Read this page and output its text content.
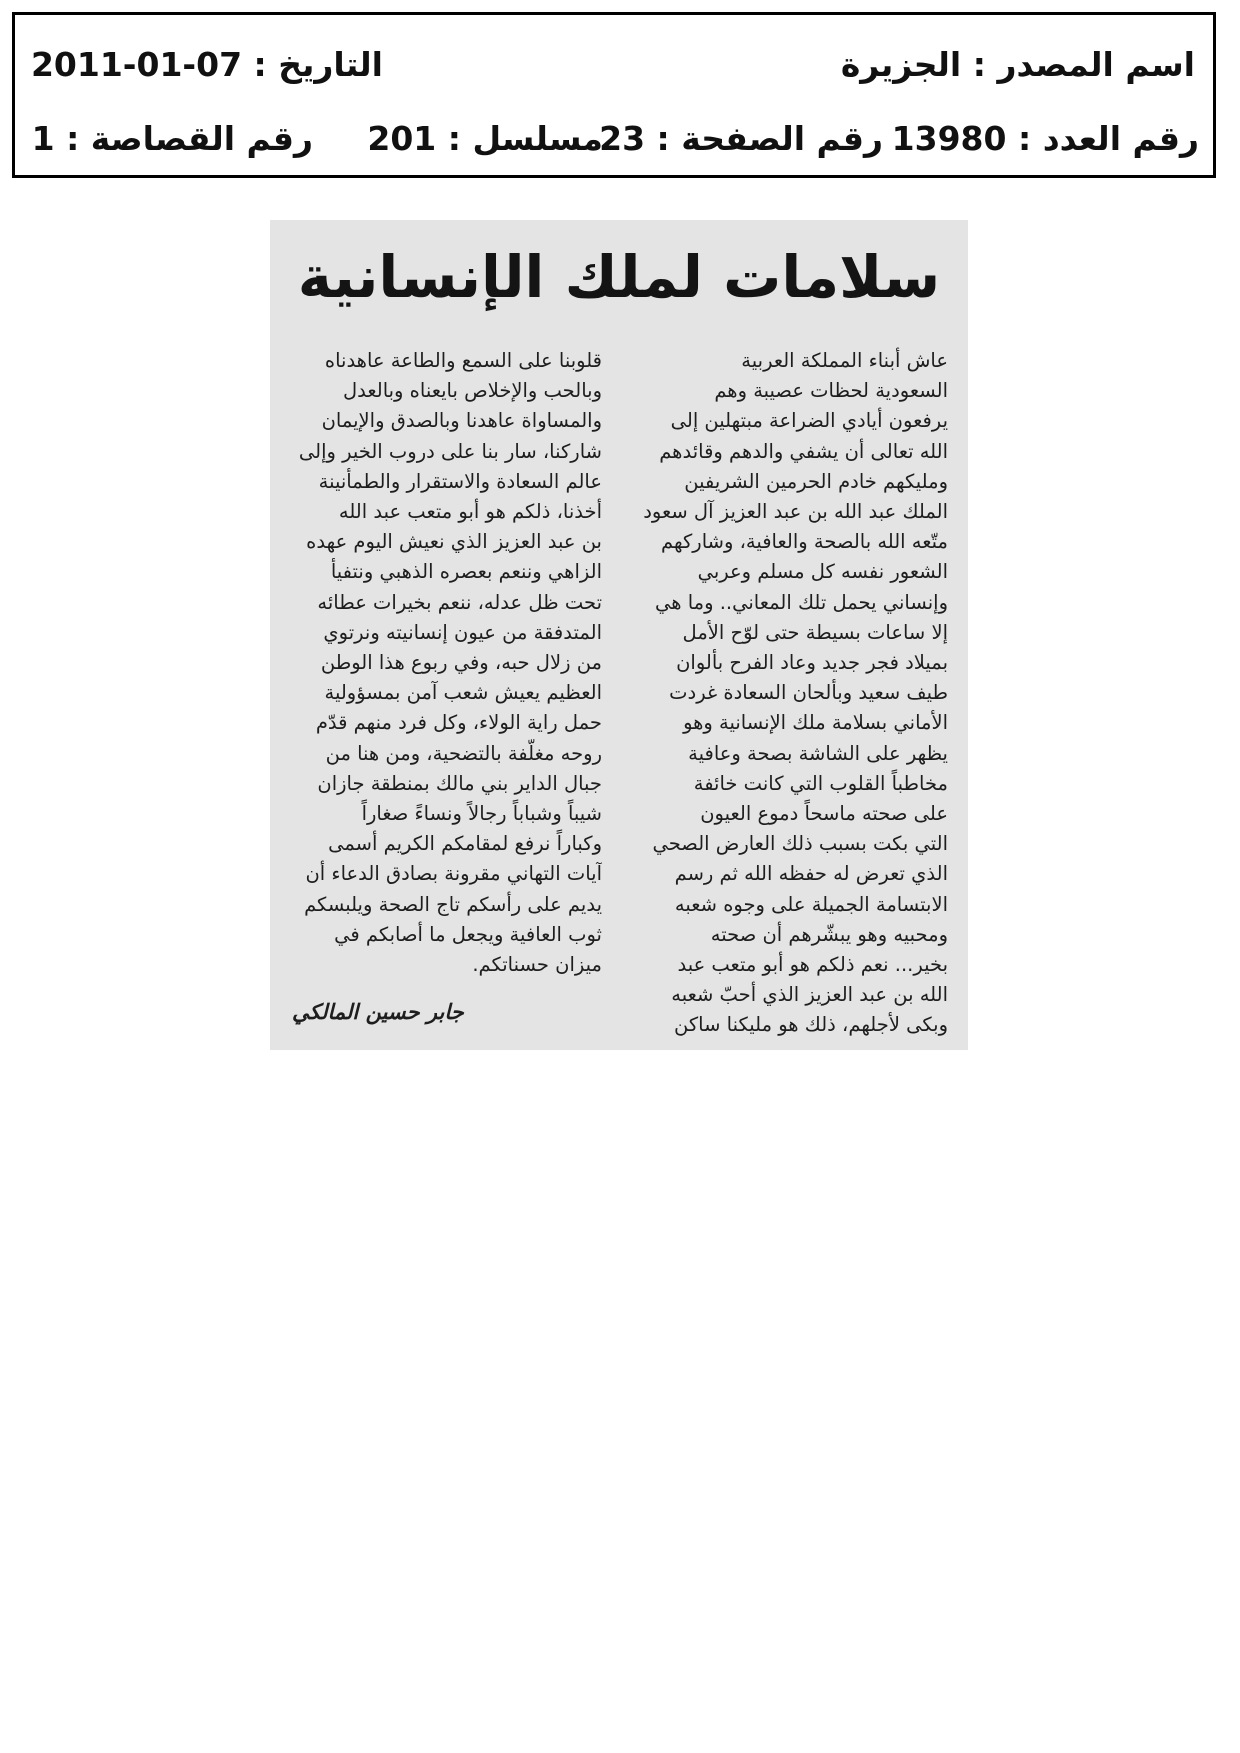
اسم المصدر : الجزيرة
التاريخ : 2011-01-07
رقم العدد : 13980
رقم الصفحة : 23
مسلسل : 201
رقم القصاصة : 1
سلامات لملك الإنسانية
عاش أبناء المملكة العربية
السعودية لحظات عصيبة وهم
يرفعون أيادي الضراعة مبتهلين إلى
الله تعالى أن يشفي والدهم وقائدهم
ومليكهم خادم الحرمين الشريفين
الملك عبد الله بن عبد العزيز آل سعود
متّعه الله بالصحة والعافية، وشاركهم
الشعور نفسه كل مسلم وعربي
وإنساني يحمل تلك المعاني.. وما هي
إلا ساعات بسيطة حتى لوّح الأمل
بميلاد فجر جديد وعاد الفرح بألوان
طيف سعيد وبألحان السعادة غردت
الأماني بسلامة ملك الإنسانية وهو
يظهر على الشاشة بصحة وعافية
مخاطباً القلوب التي كانت خائفة
على صحته ماسحاً دموع العيون
التي بكت بسبب ذلك العارض الصحي
الذي تعرض له حفظه الله ثم رسم
الابتسامة الجميلة على وجوه شعبه
ومحبيه وهو يبشّرهم أن صحته
بخير... نعم ذلكم هو أبو متعب عبد
الله بن عبد العزيز الذي أحبّ شعبه
وبكى لأجلهم، ذلك هو مليكنا ساكن
قلوبنا على السمع والطاعة عاهدناه
وبالحب والإخلاص بايعناه وبالعدل
والمساواة عاهدنا وبالصدق والإيمان
شاركنا، سار بنا على دروب الخير وإلى
عالم السعادة والاستقرار والطمأنينة
أخذنا، ذلكم هو أبو متعب عبد الله
بن عبد العزيز الذي نعيش اليوم عهده
الزاهي وننعم بعصره الذهبي ونتفيأ
تحت ظل عدله، ننعم بخيرات عطائه
المتدفقة من عيون إنسانيته ونرتوي
من زلال حبه، وفي ربوع هذا الوطن
العظيم يعيش شعب آمن بمسؤولية
حمل راية الولاء، وكل فرد منهم قدّم
روحه مغلّفة بالتضحية، ومن هنا من
جبال الداير بني مالك بمنطقة جازان
شيباً وشباباً رجالاً ونساءً صغاراً
وكباراً نرفع لمقامكم الكريم أسمى
آيات التهاني مقرونة بصادق الدعاء أن
يديم على رأسكم تاج الصحة ويلبسكم
ثوب العافية ويجعل ما أصابكم في
ميزان حسناتكم.
جابر حسين المالكي
